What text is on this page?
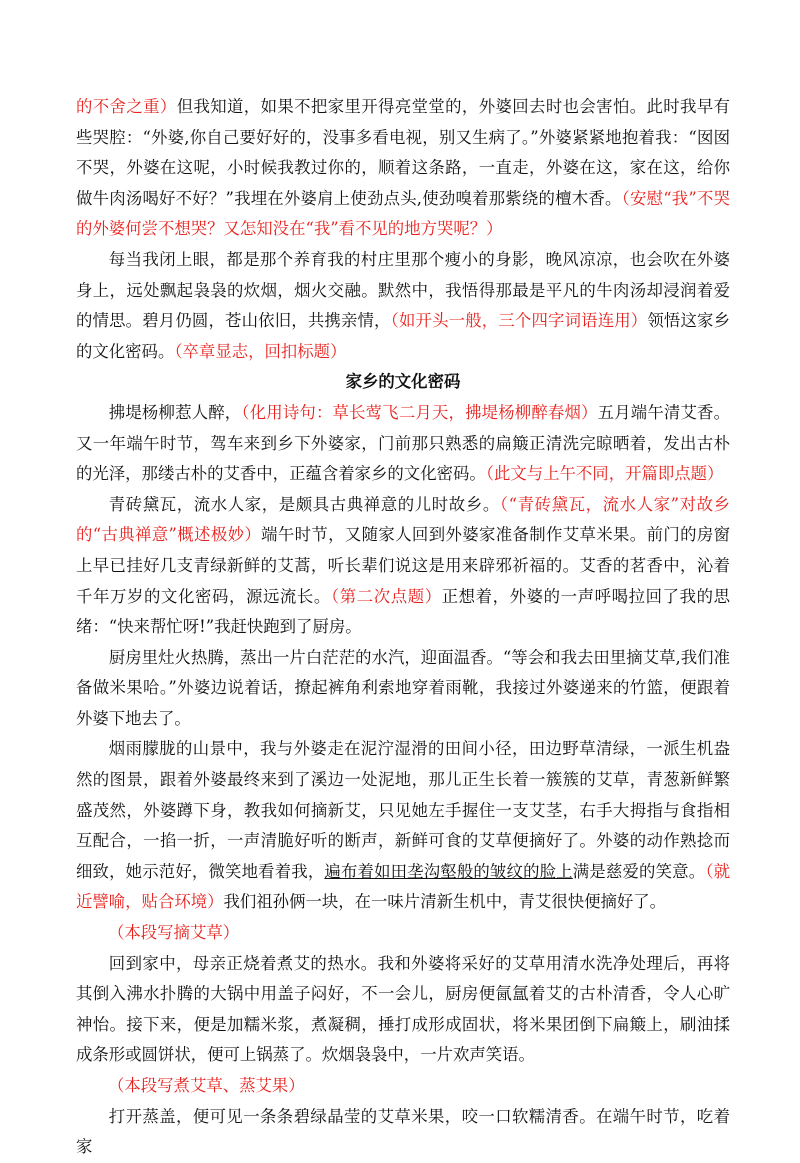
的不舍之重）但我知道，如果不把家里开得亮堂堂的，外婆回去时也会害怕。此时我早有些哭腔：“外婆,你自己要好好的，没事多看电视，别又生病了。”外婆紧紧地抱着我：“囡囡不哭，外婆在这呢，小时候我教过你的，顺着这条路，一直走，外婆在这，家在这，给你做牛肉汤喝好不好？”我埋在外婆肩上使劲点头,使劲嗅着那紫绕的檀木香。（安慰“我”不哭的外婆何尝不想哭？又怎知没在“我”看不见的地方哭呢？）

每当我闭上眼，都是那个养育我的村庄里那个瘦小的身影，晚风凉凉，也会吹在外婆身上，远处飘起袅袅的炊烟，烟火交融。默然中，我悟得那最是平凡的牛肉汤却浸润着爱的情思。碧月仍圆，苍山依旧，共携亲情，（如开头一般，三个四字词语连用）领悟这家乡的文化密码。（卒章显志，回扣标题）

家乡的文化密码

拂堤杨柳惹人醉，（化用诗句：草长莺飞二月天，拂堤杨柳醉春烟）五月端午清艾香。又一年端午时节，驾车来到乡下外婆家，门前那只熟悉的扁簸正清洗完晾晒着，发出古朴的光泽，那缕古朴的艾香中，正蕴含着家乡的文化密码。（此文与上午不同，开篇即点题）

青砖黛瓦，流水人家，是颇具古典禅意的儿时故乡。（“青砖黛瓦，流水人家”对故乡的“古典禅意”概述极妙）端午时节，又随家人回到外婆家准备制作艾草米果。前门的房窗上早已挂好几支青绿新鲜的艾蒿，听长辈们说这是用来辟邪祈福的。艾香的茗香中，沁着千年万岁的文化密码，源远流长。（第二次点题）正想着，外婆的一声呼喝拉回了我的思绪：“快来帮忙呀!”我赶快跑到了厨房。

厨房里灶火热腾，蒸出一片白茫茫的水汽，迎面温香。“等会和我去田里摘艾草,我们准备做米果哈。”外婆边说着话，撩起裤角利索地穿着雨靴，我接过外婆递来的竹篮，便跟着外婆下地去了。

烟雨朦胧的山景中，我与外婆走在泥泞湿滑的田间小径，田边野草清绿，一派生机盎然的图景，跟着外婆最终来到了溪边一处泥地，那儿正生长着一簇簇的艾草，青葱新鲜繁盛茂然，外婆蹲下身，教我如何摘新艾，只见她左手握住一支艾茎，右手大拇指与食指相互配合，一掐一折，一声清脆好听的断声，新鲜可食的艾草便摘好了。外婆的动作熟捻而细致，她示范好，微笑地看着我，遍布着如田垄沟壑般的皱纹的脸上满是慈爱的笑意。（就近譬喻，贴合环境）我们祖孙俩一块，在一味片清新生机中，青艾很快便摘好了。

（本段写摘艾草）

回到家中，母亲正烧着煮艾的热水。我和外婆将采好的艾草用清水洗净处理后，再将其倒入沸水扑腾的大锅中用盖子闷好，不一会儿，厨房便氤氲着艾的古朴清香，令人心旷神怡。接下来，便是加糯米浆，煮凝稠，捶打成形成固状，将米果团倒下扁簸上，刷油揉成条形或圆饼状，便可上锅蒸了。炊烟袅袅中，一片欢声笑语。

（本段写煮艾草、蒸艾果）

打开蒸盖，便可见一条条碧绿晶莹的艾草米果，咬一口软糯清香。在端午时节，吃着家
